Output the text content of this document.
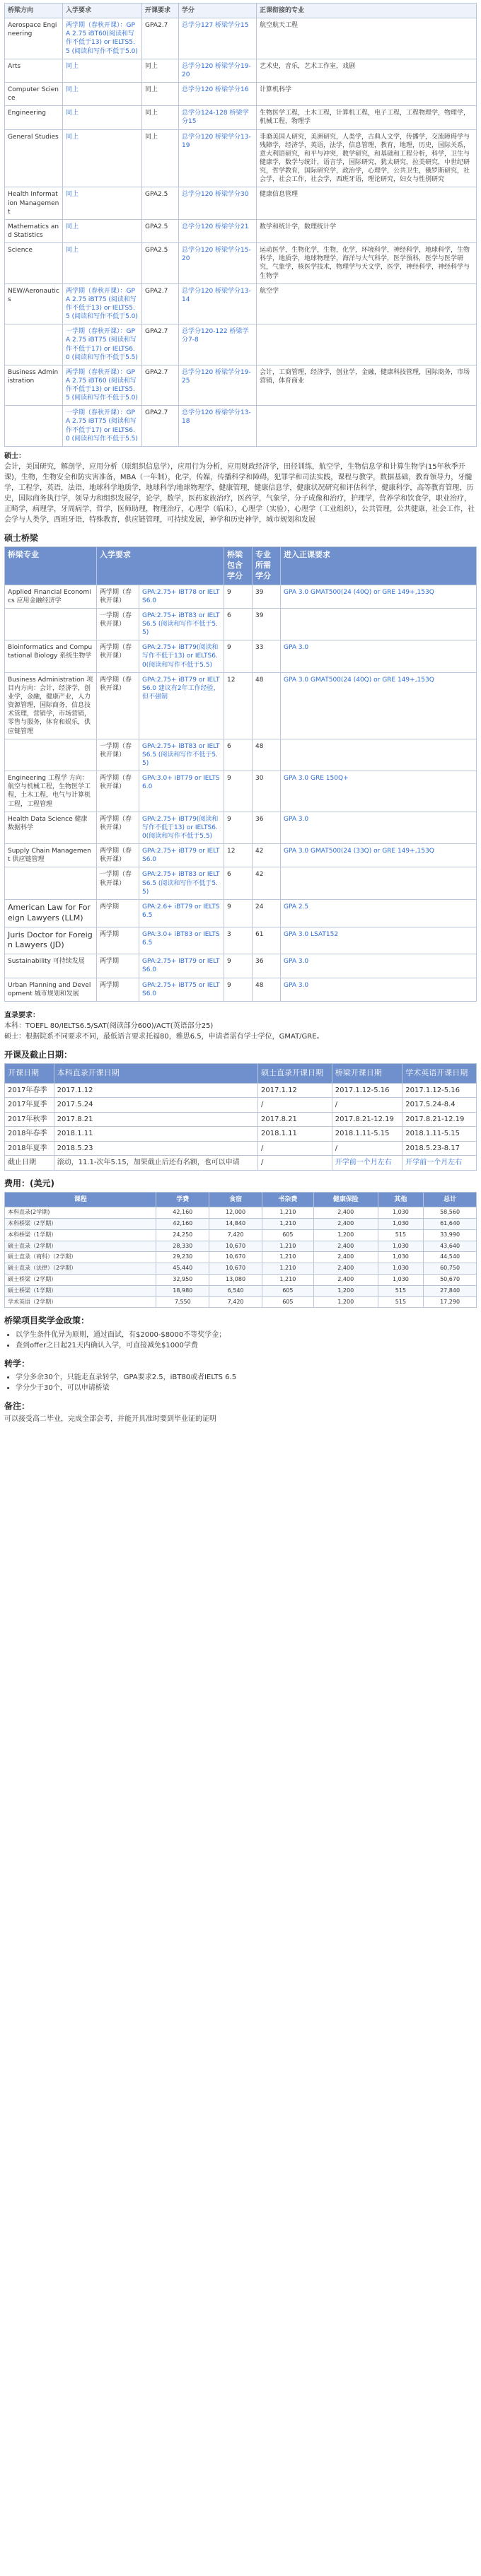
桥梁方向	入学要求	开课要求	学分	正课衔接的专业
Aerospace Engineering	两学期（春秋开课）：GPA 2.75 iBT60(阅读和写作不低于13) or IELTS5.5 (阅读和写作不低于5.0)	GPA2.7	总学分127 桥梁学分15	航空航天工程
Arts	同上	同上	总学分120 桥梁学分19-20	艺术史，音乐，艺术工作室，戏剧
Computer Science	同上	同上	总学分120 桥梁学分16	计算机科学
Engineering	同上	同上	总学分124-128 桥梁学分15	生物医学工程，土木工程，计算机工程，电子工程，工程物理学，物理学，机械工程，物理学
General Studies	同上	同上	总学分120 桥梁学分13-19	非裔美国人研究，美洲研究，人类学，古典人文学，传播学，交流障碍学与残障学，经济学，英语，法学，信息管理，教育，地理，历史，国际关系，意大利语研究，和平与冲突，数学研究，和基础和工程分析，科学，卫生与健康学，数学与统计，语言学，国际研究，犹太研究，拉美研究，中世纪研究，哲学教育，国际研究学，政治学，心理学，公共卫生，俄罗斯研究，社会学，社会工作，社会学，西班牙语，理论研究，妇女与性别研究
Health Information Management	同上	GPA2.5	总学分120 桥梁学分30	健康信息管理
Mathematics and Statistics	同上	GPA2.5	总学分120 桥梁学分21	数学和统计学，数理统计学
Science	同上	GPA2.5	总学分120 桥梁学分15-20	运动医学，生物化学，生物，化学，环境科学，神经科学，地球科学，生物科学，地质学，地球物理学，海洋与大气科学，医学预科，医学与医学研究，气象学，核医学技术，物理学与天文学，医学，神经科学，神经科学与生物学
NEW/Aeronautics	两学期（春秋开课）：GPA 2.75 iBT75 (阅读和写作不低于13) or IELTS5.5 (阅读和写作不低于5.0)	GPA2.7	总学分120 桥梁学分13-14	航空学
	一学期（春秋开课）：GPA 2.75 iBT75 (阅读和写作不低于17) or IELTS6.0 (阅读和写作不低于5.5)	GPA2.7	总学分120-122 桥梁学分7-8	
Business Administration	两学期（春秋开课）：GPA 2.75 iBT60 (阅读和写作不低于13) or IELTS5.5 (阅读和写作不低于5.0)	GPA2.7	总学分120 桥梁学分19-25	会计，工商管理，经济学，创业学，金融，健康科技管理，国际商务，市场营销，体育商业
	一学期（春秋开课）：GPA 2.75 iBT75 (阅读和写作不低于17) or IELTS6.0 (阅读和写作不低于5.5)	GPA2.7	总学分120 桥梁学分13-18	
硕士：
会计，美国研究，解剖学，应用分析（原组织信息学），应用行为分析，应用财政经济学，田径训练，航空学，生物信息学和计算生物学(15年秋季开课)，生物，生物安全和防灾害准备，MBA（一年制），化学，传媒，传播科学和障碍，犯罪学和司法实践，课程与教学，数据基础，教育领导力，牙髓学，工程学，英语，法语，地球科学地质学，地球科学/地球物理学，健康管理，健康信息学，健康状况研究和评估科学，健康科学，高等教育管理，历史，国际商务执行学，领导力和组织发展学，论学，数学，医药家族治疗，医药学，气象学，分子成像和治疗，护理学，营养学和饮食学，职业治疗，正畸学，病理学，牙周病学，哲学，医师助理，物理治疗，心理学（临床），心理学（实验），心理学（工业组织），公共管理，公共健康，社会工作，社会学与人类学，西班牙语，特殊教育，供应链管理，可持续发展，神学和历史神学，城市规划和发展
硕士桥梁
桥梁专业	入学要求		桥梁包含学分	专业所需学分	进入正课要求
Applied Financial Economics 应用金融经济学	两学期（春秋开课）	GPA:2.75+ iBT78 or IELTS6.0	9	39	GPA 3.0 GMAT500(24 (40Q) or GRE 149+,153Q
	一学期（春秋开课）	GPA:2.75+ iBT83 or IELTS6.5 (阅读和写作不低于5.5)	6	39	
Bioinformatics and Computational Biology 系统生物学	两学期（春秋开课）	GPA:2.75+ iBT79(阅读和写作不低于13) or IELTS6.0(阅读和写作不低于5.5)	9	33	GPA 3.0
Business Administration 项目内方向：会计，经济学，创业学，金融，健康产业，人力资源管理，国际商务，信息技术管理，营销学，市场营销，零售与服务，体育和娱乐，供应链管理	两学期（春秋开课）	GPA:2.75+ iBT79 or IELTS6.0 建议有2年工作经验，但不强制	12	48	GPA 3.0 GMAT500(24 (40Q) or GRE 149+,153Q
	一学期（春秋开课）	GPA:2.75+ iBT83 or IELTS6.5 (阅读和写作不低于5.5)	6	48	
Engineering 工程学 方向：航空与机械工程，生物医学工程，土木工程，电气与计算机工程，工程管理	两学期（春秋开课）	GPA:3.0+ iBT79 or IELTS6.0	9	30	GPA 3.0 GRE 150Q+
Health Data Science 健康数据科学	两学期（春秋开课）	GPA:2.75+ iBT79(阅读和写作不低于13) or IELTS6.0(阅读和写作不低于5.5)	9	36	GPA 3.0
Supply Chain Management 供应链管理	两学期（春秋开课）	GPA:2.75+ iBT79 or IELTS6.0	12	42	GPA 3.0 GMAT500(24 (33Q) or GRE 149+,153Q
	一学期（春秋开课）	GPA:2.75+ iBT83 or IELTS6.5 (阅读和写作不低于5.5)	6	42	
American Law for Foreign Lawyers (LLM)	两学期	GPA:2.6+ iBT79 or IELTS6.5	9	24	GPA 2.5
Juris Doctor for Foreign Lawyers (JD)	两学期	GPA:3.0+ iBT83 or IELTS6.5	3	61	GPA 3.0 LSAT152
Sustainability 可持续发展	两学期	GPA:2.75+ iBT79 or IELTS6.0	9	36	GPA 3.0
Urban Planning and Development 城市规划和发展	两学期	GPA:2.75+ iBT75 or IELTS6.0	9	48	GPA 3.0
直录要求：
本科：TOEFL 80/IELTS6.5/SAT(阅读部分600)/ACT(英语部分25)
硕士：根据院系不同要求不同，最低语言要求托福80，雅思6.5，申请者需有学士学位，GMAT/GRE。
开课及截止日期：
开课日期	本科直录开课日期	硕士直录开课日期	桥梁开课日期	学术英语开课日期
2017年春季	2017.1.12	2017.1.12	2017.1.12-5.16	2017.1.12-5.16
2017年夏季	2017.5.24	/	/	2017.5.24-8.4
2017年秋季	2017.8.21	2017.8.21	2017.8.21-12.19	2017.8.21-12.19
2018年春季	2018.1.11	2018.1.11	2018.1.11-5.15	2018.1.11-5.15
2018年夏季	2018.5.23	/	/	2018.5.23-8.17
截止日期	滚动，11.1-次年5.15，加果截止后还有名额，也可以申请	/	开学前一个月左右	开学前一个月左右
费用：(美元)
课程	学费	食宿	书杂费	健康保险	其他	总计
本科直录(2学期)	42,160	12,000	1,210	2,400	1,030	58,560
本科桥梁（2学期）	42,160	14,840	1,210	2,400	1,030	61,640
本科桥梁（1学期）	24,250	7,420	605	1,200	515	33,990
硕士直录（2学期）	28,330	10,670	1,210	2,400	1,030	43,640
硕士直录（商科）（2学期）	29,230	10,670	1,210	2,400	1,030	44,540
硕士直录（法律）（2学期）	45,440	10,670	1,210	2,400	1,030	60,750
硕士桥梁（2学期）	32,950	13,080	1,210	2,400	1,030	50,670
硕士桥梁（1学期）	18,980	6,540	605	1,200	515	27,840
学术英语（2学期）	7,550	7,420	605	1,200	515	17,290
桥梁项目奖学金政策：
• 以学生条件优异为原则，通过面试，有$2000-$8000不等奖学金；
• 查到offer之日起21天内确认入学，可直接减免$1000学费
转学：
• 学分多余30个，只能走直录转学，GPA要求2.5，iBT80或者IELTS 6.5
• 学分少于30个，可以申请桥梁
备注：

可以接受高二毕业，完成全部会考，并能开具准时要到毕业证的证明
